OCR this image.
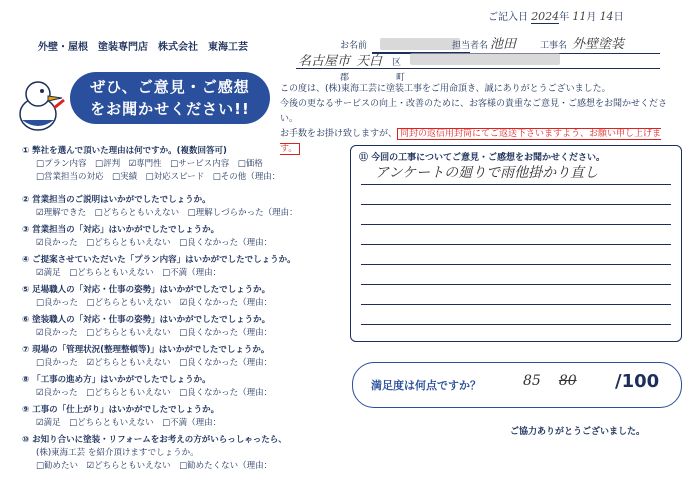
ご記入日 2024年 11月 14日
外壁・屋根　塗装専門店　株式会社　東海工芸	お名前	担当者名 池田	工事名 外壁塗装
名古屋市 天白 区
郡	町
ぜひ、ご意見・ご感想
をお聞かせください!!
この度は、(株)東海工芸に塗装工事をご用命頂き、誠にありがとうございました。
今後の更なるサービスの向上・改善のために、お客様の貴重なご意見・ご感想をお聞かせください。
お手数をお掛け致しますが、 同封の返信用封筒にてご返送下さいますよう、お願い申し上げます。
① 弊社を選んで頂いた理由は何ですか。(複数回答可)
□プラン内容　□評判　☑専門性　□サービス内容　□価格
□営業担当の対応　□実績　□対応スピード　□その他（理由：
② 営業担当のご説明はいかがでしたでしょうか。
☑理解できた　□どちらともいえない　□理解しづらかった（理由：
③ 営業担当の「対応」はいかがでしたでしょうか。
☑良かった　□どちらともいえない　□良くなかった（理由：
④ ご提案させていただいた「プラン内容」はいかがでしたでしょうか。
☑満足　□どちらともいえない　□不満（理由：
⑤ 足場職人の「対応・仕事の姿勢」はいかがでしたでしょうか。
□良かった　□どちらともいえない　☑良くなかった（理由：
⑥ 塗装職人の「対応・仕事の姿勢」はいかがでしたでしょうか。
☑良かった　□どちらともいえない　□良くなかった（理由：
⑦ 現場の「管理状況(整理整頓等)」はいかがでしたでしょうか。
□良かった　☑どちらともいえない　□良くなかった（理由：
⑧ 「工事の進め方」はいかがでしたでしょうか。
☑良かった　□どちらともいえない　□良くなかった（理由：
⑨ 工事の「仕上がり」はいかがでしたでしょうか。
☑満足　□どちらともいえない　□不満（理由：
⑩ お知り合いに塗装・リフォームをお考えの方がいらっしゃったら、
(株)東海工芸 を紹介頂けますでしょうか。
□勧めたい　☑どちらともいえない　□勧めたくない（理由：
⑪ 今回の工事についてご意見・ご感想をお聞かせください。
アンケートの廻りで雨他掛かり直し
満足度は何点ですか？	85 80 /100
ご協力ありがとうございました。
